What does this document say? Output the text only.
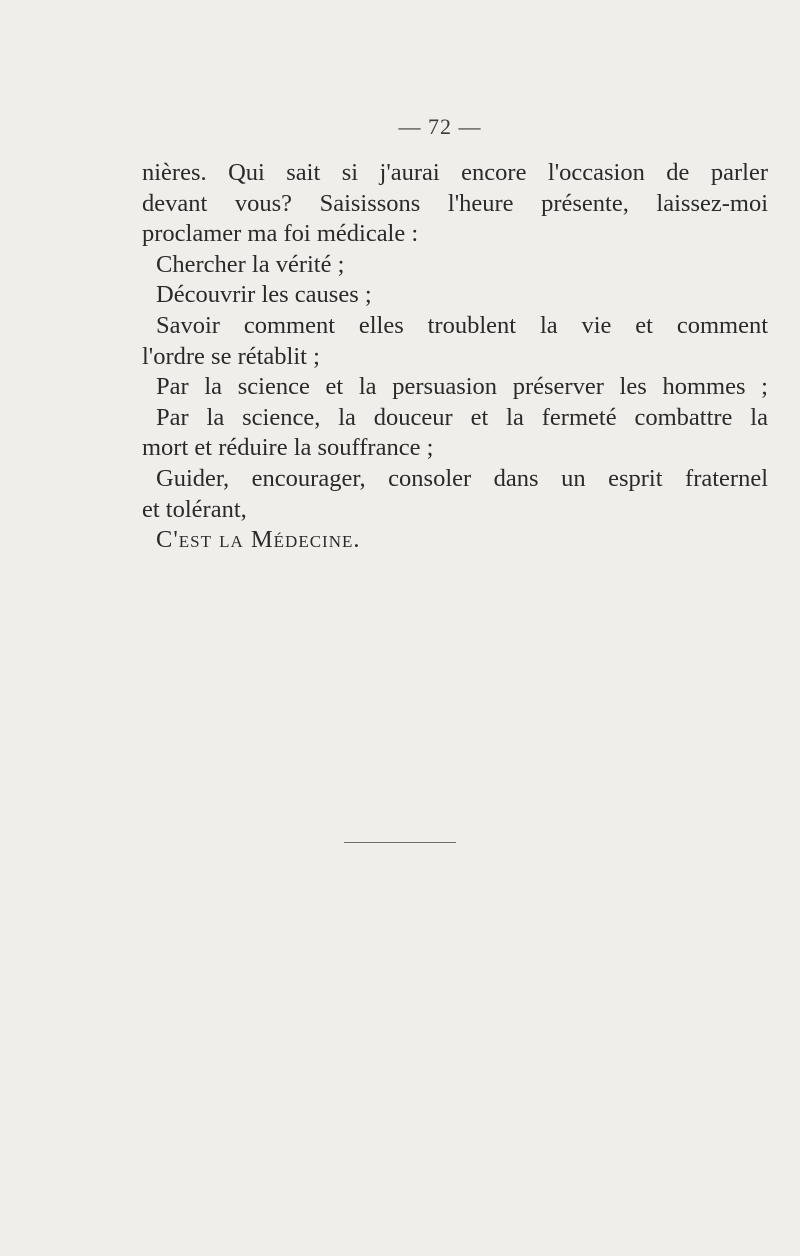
— 72 —
nières. Qui sait si j'aurai encore l'occasion de parler
devant vous? Saisissons l'heure présente, laissez-moi
proclamer ma foi médicale :
Chercher la vérité ;
Découvrir les causes ;
Savoir comment elles troublent la vie et comment
l'ordre se rétablit ;
Par la science et la persuasion préserver les hommes ;
Par la science, la douceur et la fermeté combattre la
mort et réduire la souffrance ;
Guider, encourager, consoler dans un esprit fraternel
et tolérant,
C'est la Médecine.
